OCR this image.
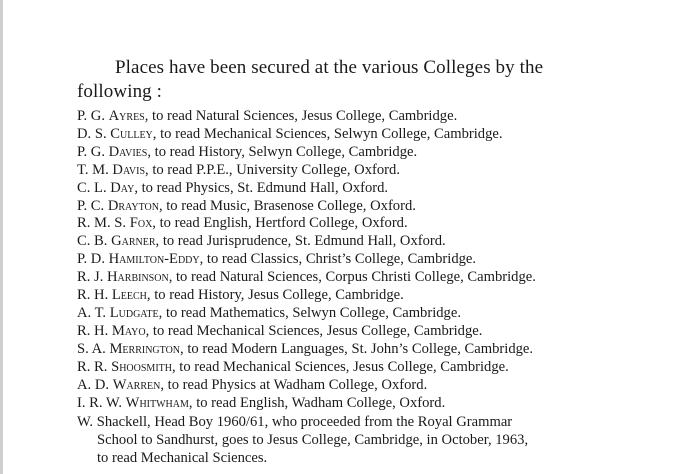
Places have been secured at the various Colleges by the following :
P. G. Ayres, to read Natural Sciences, Jesus College, Cambridge.
D. S. Culley, to read Mechanical Sciences, Selwyn College, Cambridge.
P. G. Davies, to read History, Selwyn College, Cambridge.
T. M. Davis, to read P.P.E., University College, Oxford.
C. L. Day, to read Physics, St. Edmund Hall, Oxford.
P. C. Drayton, to read Music, Brasenose College, Oxford.
R. M. S. Fox, to read English, Hertford College, Oxford.
C. B. Garner, to read Jurisprudence, St. Edmund Hall, Oxford.
P. D. Hamilton-Eddy, to read Classics, Christ’s College, Cambridge.
R. J. Harbinson, to read Natural Sciences, Corpus Christi College, Cambridge.
R. H. Leech, to read History, Jesus College, Cambridge.
A. T. Ludgate, to read Mathematics, Selwyn College, Cambridge.
R. H. Mayo, to read Mechanical Sciences, Jesus College, Cambridge.
S. A. Merrington, to read Modern Languages, St. John’s College, Cambridge.
R. R. Shoosmith, to read Mechanical Sciences, Jesus College, Cambridge.
A. D. Warren, to read Physics at Wadham College, Oxford.
I. R. W. Whitwham, to read English, Wadham College, Oxford.

W. Shackell, Head Boy 1960/61, who proceeded from the Royal Grammar
School to Sandhurst, goes to Jesus College, Cambridge, in October, 1963,
to read Mechanical Sciences.
